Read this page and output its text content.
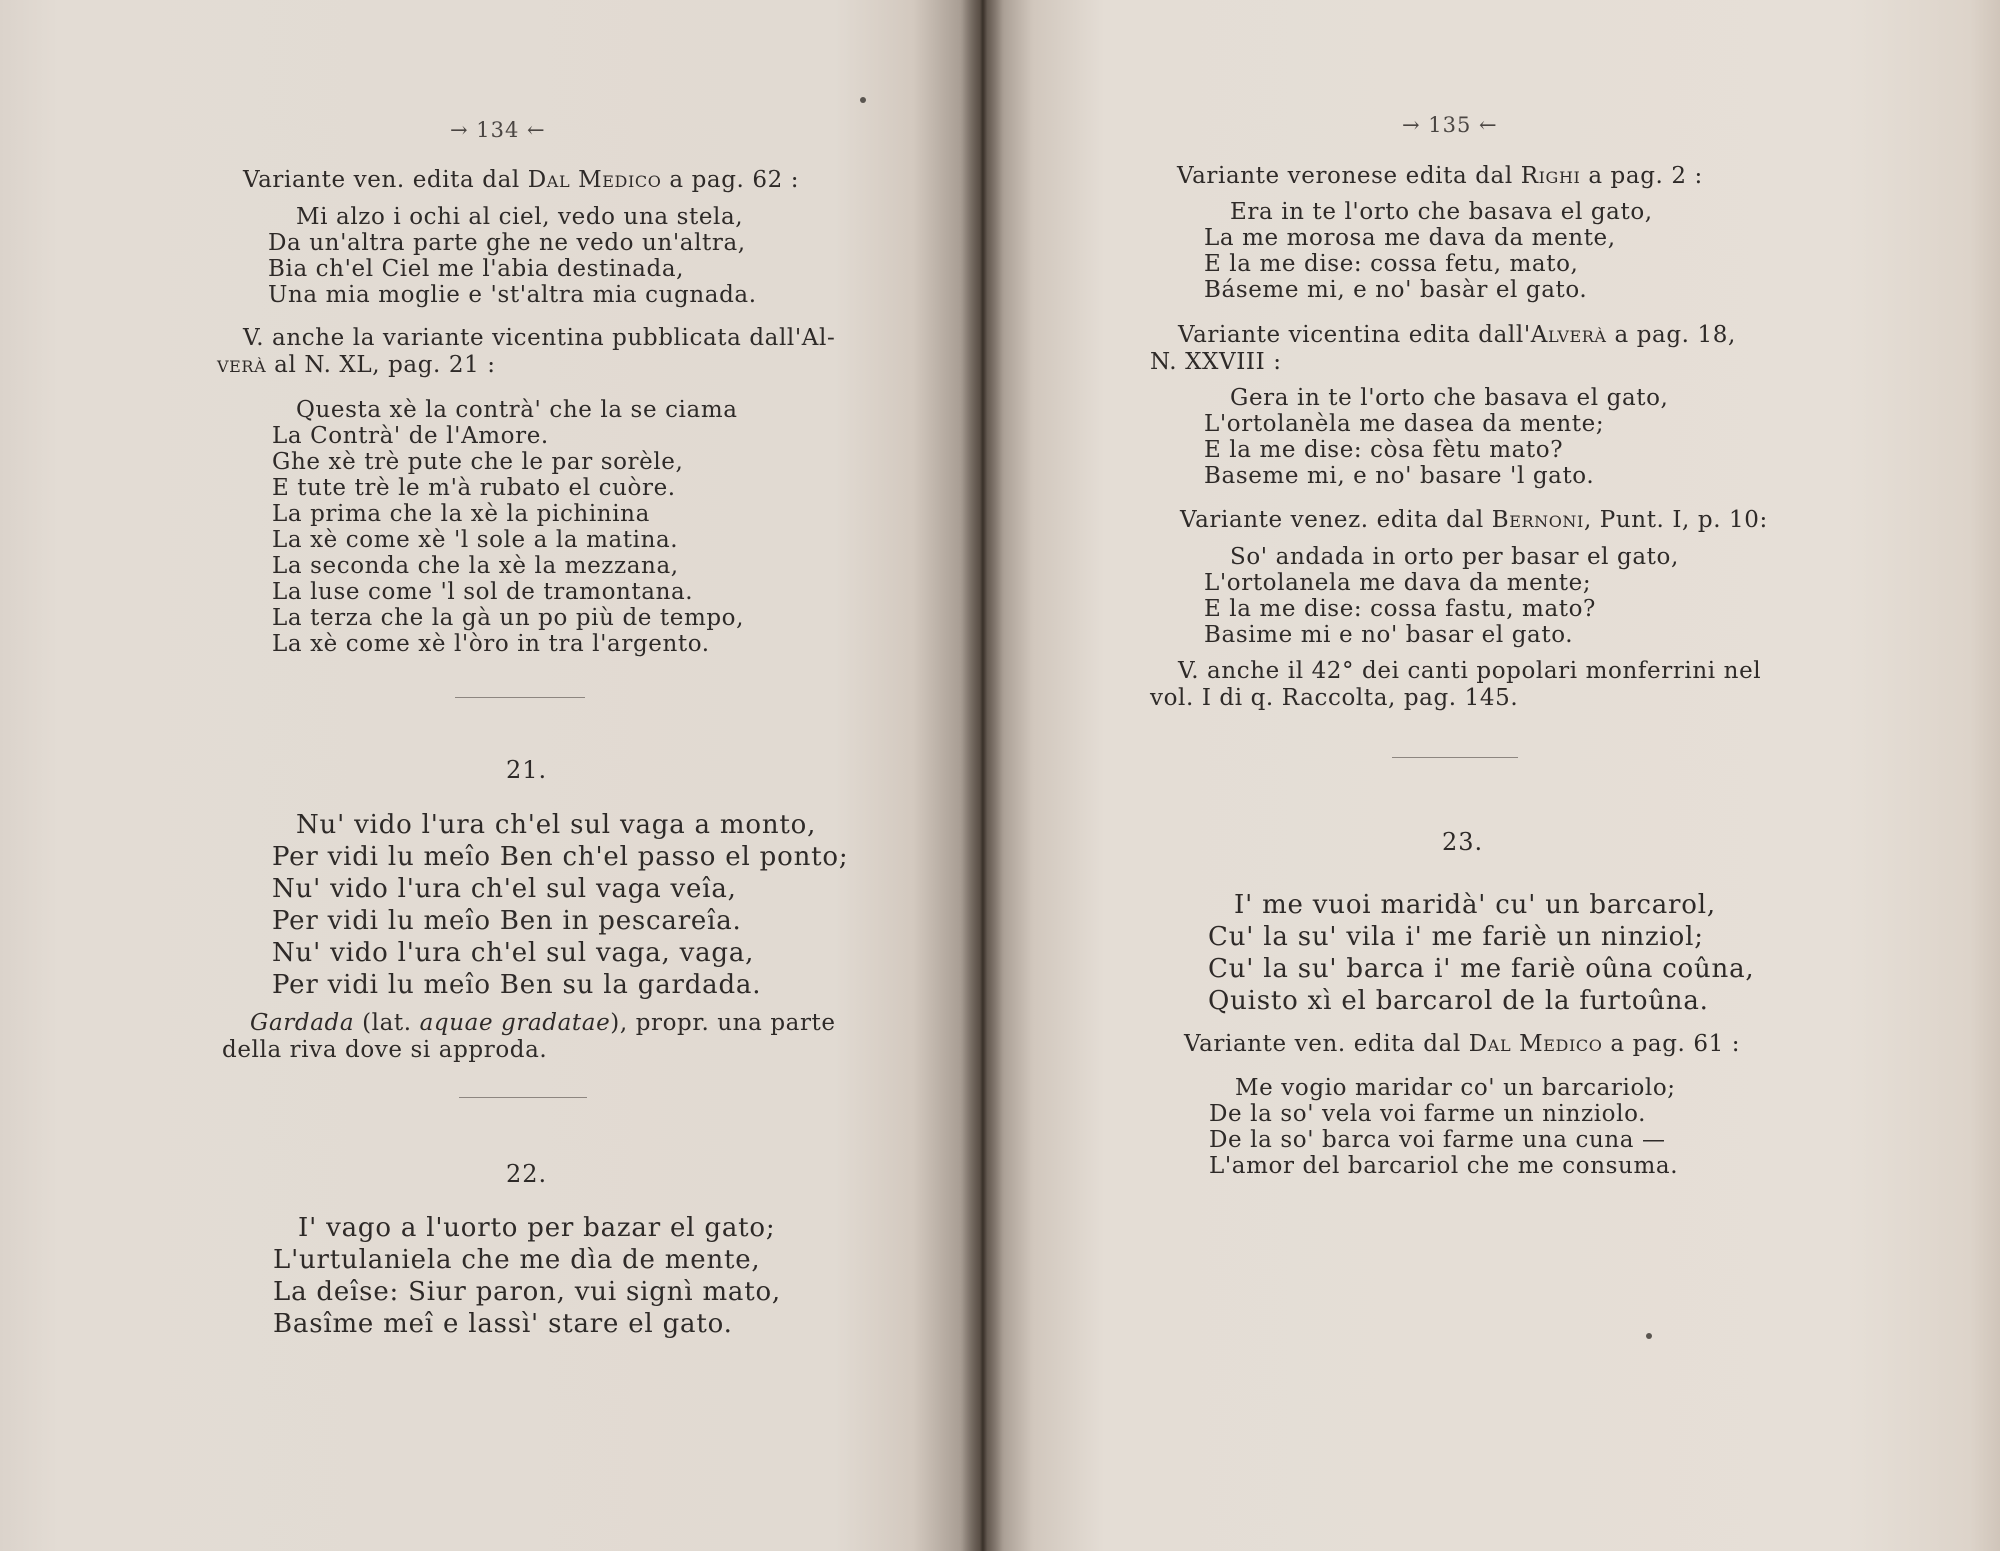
→ 134 ←
Variante ven. edita dal Dal Medico a pag. 62 :
Mi alzo i ochi al ciel, vedo una stela,
Da un'altra parte ghe ne vedo un'altra,
Bia ch'el Ciel me l'abia destinada,
Una mia moglie e 'st'altra mia cugnada.
V. anche la variante vicentina pubblicata dall'Al-
verà al N. XL, pag. 21 :
Questa xè la contrà' che la se ciama
La Contrà' de l'Amore.
Ghe xè trè pute che le par sorèle,
E tute trè le m'à rubato el cuòre.
La prima che la xè la pichinina
La xè come xè 'l sole a la matina.
La seconda che la xè la mezzana,
La luse come 'l sol de tramontana.
La terza che la gà un po più de tempo,
La xè come xè l'òro in tra l'argento.
21.
Nu' vido l'ura ch'el sul vaga a monto,
Per vidi lu meîo Ben ch'el passo el ponto;
Nu' vido l'ura ch'el sul vaga veîa,
Per vidi lu meîo Ben in pescareîa.
Nu' vido l'ura ch'el sul vaga, vaga,
Per vidi lu meîo Ben su la gardada.
Gardada (lat. aquae gradatae), propr. una parte
della riva dove si approda.
22.
I' vago a l'uorto per bazar el gato;
L'urtulaniela che me dìa de mente,
La deîse: Siur paron, vui signì mato,
Basîme meî e lassì' stare el gato.
→ 135 ←
Variante veronese edita dal Righi a pag. 2 :
Era in te l'orto che basava el gato,
La me morosa me dava da mente,
E la me dise: cossa fetu, mato,
Báseme mi, e no' basàr el gato.
Variante vicentina edita dall'Alverà a pag. 18,
N. XXVIII :
Gera in te l'orto che basava el gato,
L'ortolanèla me dasea da mente;
E la me dise: còsa fètu mato?
Baseme mi, e no' basare 'l gato.
Variante venez. edita dal Bernoni, Punt. I, p. 10:
So' andada in orto per basar el gato,
L'ortolanela me dava da mente;
E la me dise: cossa fastu, mato?
Basime mi e no' basar el gato.
V. anche il 42° dei canti popolari monferrini nel
vol. I di q. Raccolta, pag. 145.
23.
I' me vuoi maridà' cu' un barcarol,
Cu' la su' vila i' me fariè un ninziol;
Cu' la su' barca i' me fariè oûna coûna,
Quisto xì el barcarol de la furtoûna.
Variante ven. edita dal Dal Medico a pag. 61 :
Me vogio maridar co' un barcariolo;
De la so' vela voi farme un ninziolo.
De la so' barca voi farme una cuna —
L'amor del barcariol che me consuma.
